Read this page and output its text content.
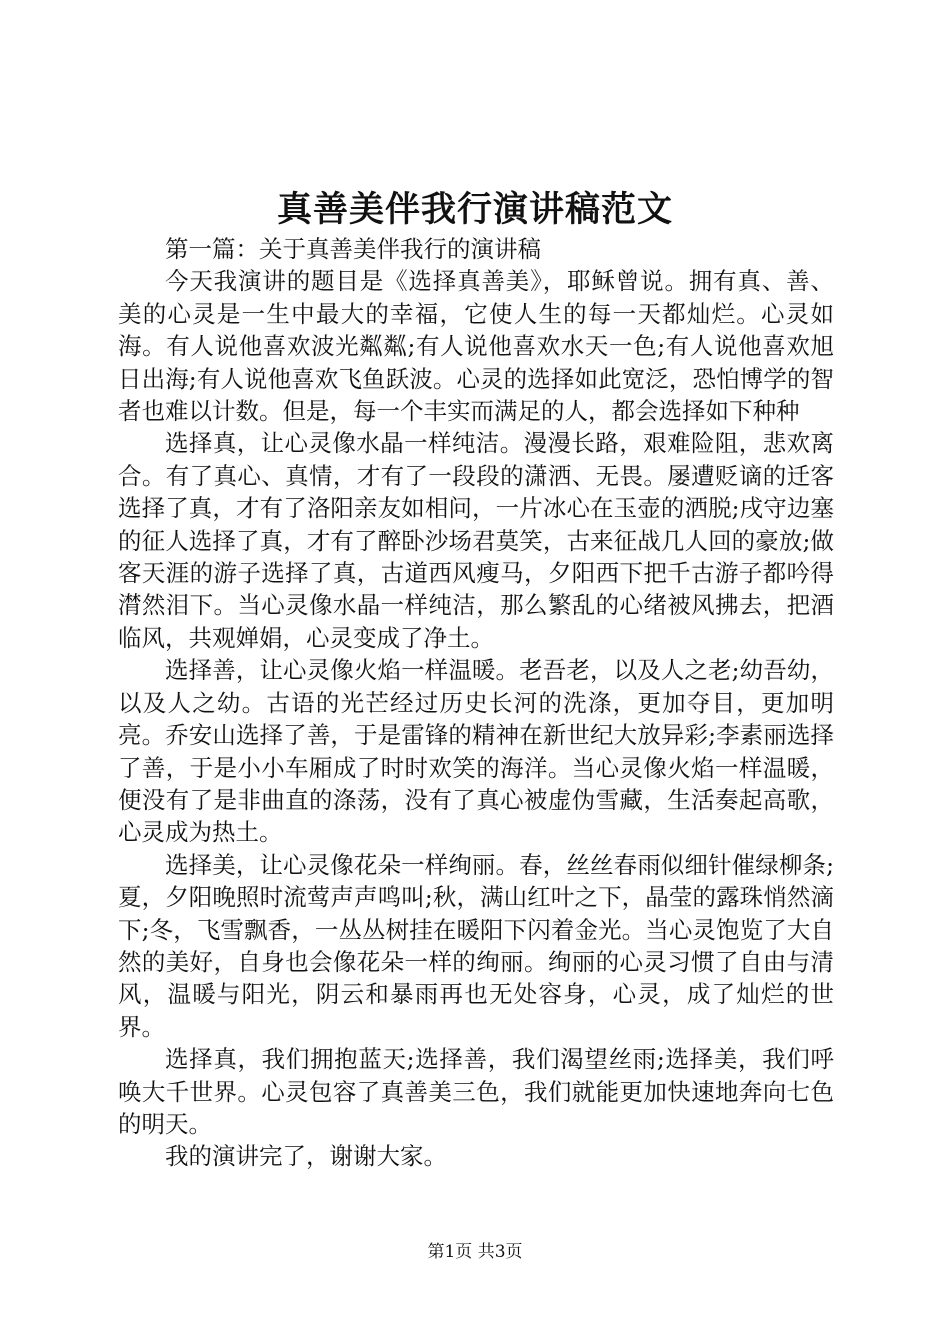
真善美伴我行演讲稿范文

第一篇：关于真善美伴我行的演讲稿

今天我演讲的题目是《选择真善美》，耶稣曾说。拥有真、善、美的心灵是一生中最大的幸福，它使人生的每一天都灿烂。心灵如海。有人说他喜欢波光粼粼;有人说他喜欢水天一色;有人说他喜欢旭日出海;有人说他喜欢飞鱼跃波。心灵的选择如此宽泛，恐怕博学的智者也难以计数。但是，每一个丰实而满足的人，都会选择如下种种

选择真，让心灵像水晶一样纯洁。漫漫长路，艰难险阻，悲欢离合。有了真心、真情，才有了一段段的潇洒、无畏。屡遭贬谪的迁客选择了真，才有了洛阳亲友如相问，一片冰心在玉壶的洒脱;戌守边塞的征人选择了真，才有了醉卧沙场君莫笑，古来征战几人回的豪放;做客天涯的游子选择了真，古道西风瘦马，夕阳西下把千古游子都吟得潸然泪下。当心灵像水晶一样纯洁，那么繁乱的心绪被风拂去，把酒临风，共观婵娟，心灵变成了净土。

选择善，让心灵像火焰一样温暖。老吾老，以及人之老;幼吾幼，以及人之幼。古语的光芒经过历史长河的洗涤，更加夺目，更加明亮。乔安山选择了善，于是雷锋的精神在新世纪大放异彩;李素丽选择了善，于是小小车厢成了时时欢笑的海洋。当心灵像火焰一样温暖，便没有了是非曲直的涤荡，没有了真心被虚伪雪藏，生活奏起高歌，心灵成为热土。

选择美，让心灵像花朵一样绚丽。春，丝丝春雨似细针催绿柳条;夏，夕阳晚照时流莺声声鸣叫;秋，满山红叶之下，晶莹的露珠悄然滴下;冬，飞雪飘香，一丛丛树挂在暖阳下闪着金光。当心灵饱览了大自然的美好，自身也会像花朵一样的绚丽。绚丽的心灵习惯了自由与清风，温暖与阳光，阴云和暴雨再也无处容身，心灵，成了灿烂的世界。

选择真，我们拥抱蓝天;选择善，我们渴望丝雨;选择美，我们呼唤大千世界。心灵包容了真善美三色，我们就能更加快速地奔向七色的明天。

我的演讲完了，谢谢大家。

第1页 共3页
